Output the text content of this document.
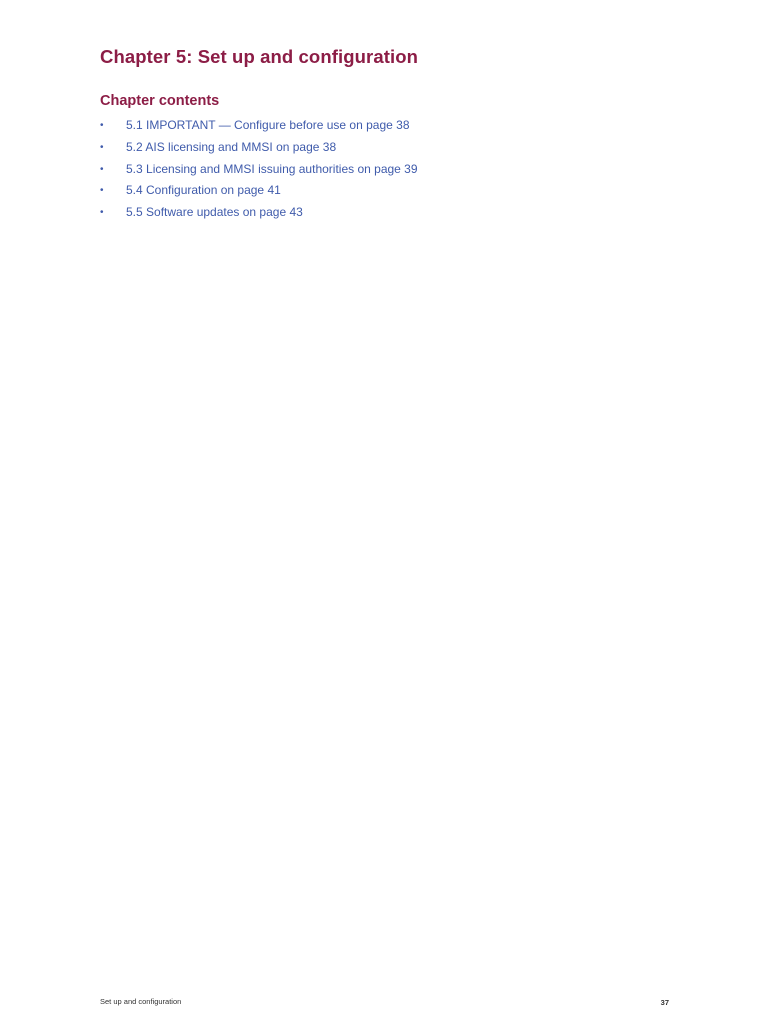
Chapter 5: Set up and configuration
Chapter contents
• 5.1 IMPORTANT — Configure before use on page 38
• 5.2 AIS licensing and MMSI on page 38
• 5.3 Licensing and MMSI issuing authorities on page 39
• 5.4 Configuration on page 41
• 5.5 Software updates on page 43
Set up and configuration	37
